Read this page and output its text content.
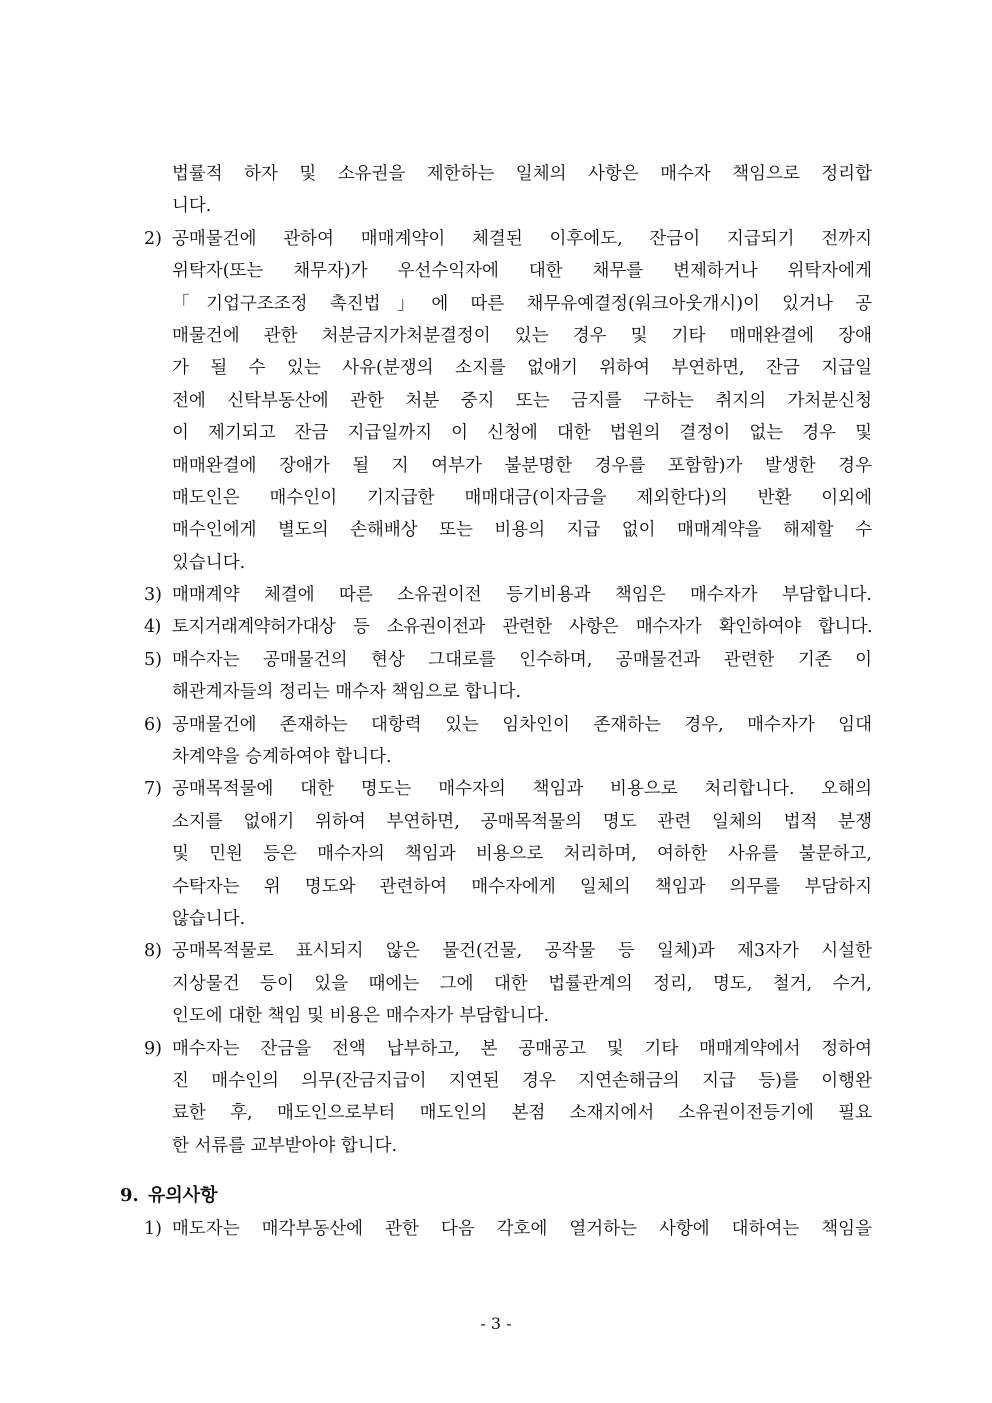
법률적 하자 및 소유권을 제한하는 일체의 사항은 매수자 책임으로 정리합
니다.
2) 공매물건에 관하여 매매계약이 체결된 이후에도, 잔금이 지급되기 전까지
위탁자(또는 채무자)가 우선수익자에 대한 채무를 변제하거나 위탁자에게
「기업구조조정 촉진법」에 따른 채무유예결정(워크아웃개시)이 있거나 공
매물건에 관한 처분금지가처분결정이 있는 경우 및 기타 매매완결에 장애
가 될 수 있는 사유(분쟁의 소지를 없애기 위하여 부연하면, 잔금 지급일
전에 신탁부동산에 관한 처분 중지 또는 금지를 구하는 취지의 가처분신청
이 제기되고 잔금 지급일까지 이 신청에 대한 법원의 결정이 없는 경우 및
매매완결에 장애가 될 지 여부가 불분명한 경우를 포함함)가 발생한 경우
매도인은 매수인이 기지급한 매매대금(이자금을 제외한다)의 반환 이외에
매수인에게 별도의 손해배상 또는 비용의 지급 없이 매매계약을 해제할 수
있습니다.
3) 매매계약 체결에 따른 소유권이전 등기비용과 책임은 매수자가 부담합니다.
4) 토지거래계약허가대상 등 소유권이전과 관련한 사항은 매수자가 확인하여야 합니다.
5) 매수자는 공매물건의 현상 그대로를 인수하며, 공매물건과 관련한 기존 이
해관계자들의 정리는 매수자 책임으로 합니다.
6) 공매물건에 존재하는 대항력 있는 임차인이 존재하는 경우, 매수자가 임대
차계약을 승계하여야 합니다.
7) 공매목적물에 대한 명도는 매수자의 책임과 비용으로 처리합니다. 오해의
소지를 없애기 위하여 부연하면, 공매목적물의 명도 관련 일체의 법적 분쟁
및 민원 등은 매수자의 책임과 비용으로 처리하며, 여하한 사유를 불문하고,
수탁자는 위 명도와 관련하여 매수자에게 일체의 책임과 의무를 부담하지
않습니다.
8) 공매목적물로 표시되지 않은 물건(건물, 공작물 등 일체)과 제3자가 시설한
지상물건 등이 있을 때에는 그에 대한 법률관계의 정리, 명도, 철거, 수거,
인도에 대한 책임 및 비용은 매수자가 부담합니다.
9) 매수자는 잔금을 전액 납부하고, 본 공매공고 및 기타 매매계약에서 정하여
진 매수인의 의무(잔금지급이 지연된 경우 지연손해금의 지급 등)를 이행완
료한 후, 매도인으로부터 매도인의 본점 소재지에서 소유권이전등기에 필요
한 서류를 교부받아야 합니다.
9. 유의사항
1) 매도자는 매각부동산에 관한 다음 각호에 열거하는 사항에 대하여는 책임을
- 3 -
